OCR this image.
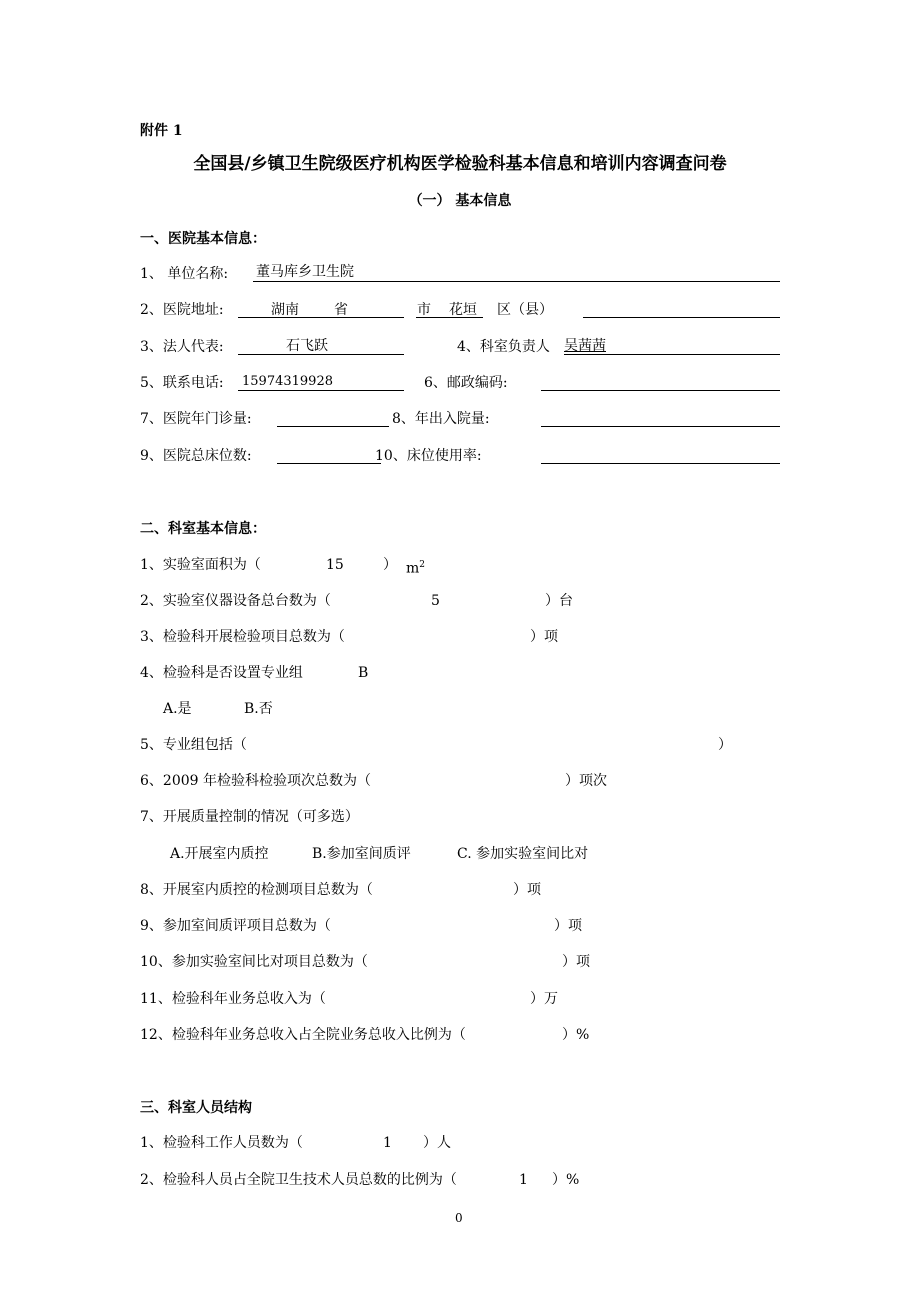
附件 1
全国县/乡镇卫生院级医疗机构医学检验科基本信息和培训内容调查问卷
（一） 基本信息
一、医院基本信息：
1、 单位名称: 董马库乡卫生院
2、医院地址:	湖南	省	市 花垣 区（县）
3、法人代表:	石飞跃	4、科室负责人 吴茜茜
5、联系电话: 15974319928	6、邮政编码:
7、医院年门诊量:	8、年出入院量:
9、医院总床位数:	10、床位使用率:
二、科室基本信息：
1、实验室面积为（	15	） $m^2$
2、实验室仪器设备总台数为（	5	）台
3、检验科开展检验项目总数为（	）项
4、检验科是否设置专业组	B
A.是	B.否
5、专业组包括（	）
6、2009 年检验科检验项次总数为（	）项次
7、开展质量控制的情况（可多选）
A.开展室内质控	B.参加室间质评	C. 参加实验室间比对
8、开展室内质控的检测项目总数为（	）项
9、参加室间质评项目总数为（	）项
10、参加实验室间比对项目总数为（	）项
11、检验科年业务总收入为（	）万
12、检验科年业务总收入占全院业务总收入比例为（	）%
三、科室人员结构
1、检验科工作人员数为（	1 ）人
2、检验科人员占全院卫生技术人员总数的比例为（	1 ）%
0
